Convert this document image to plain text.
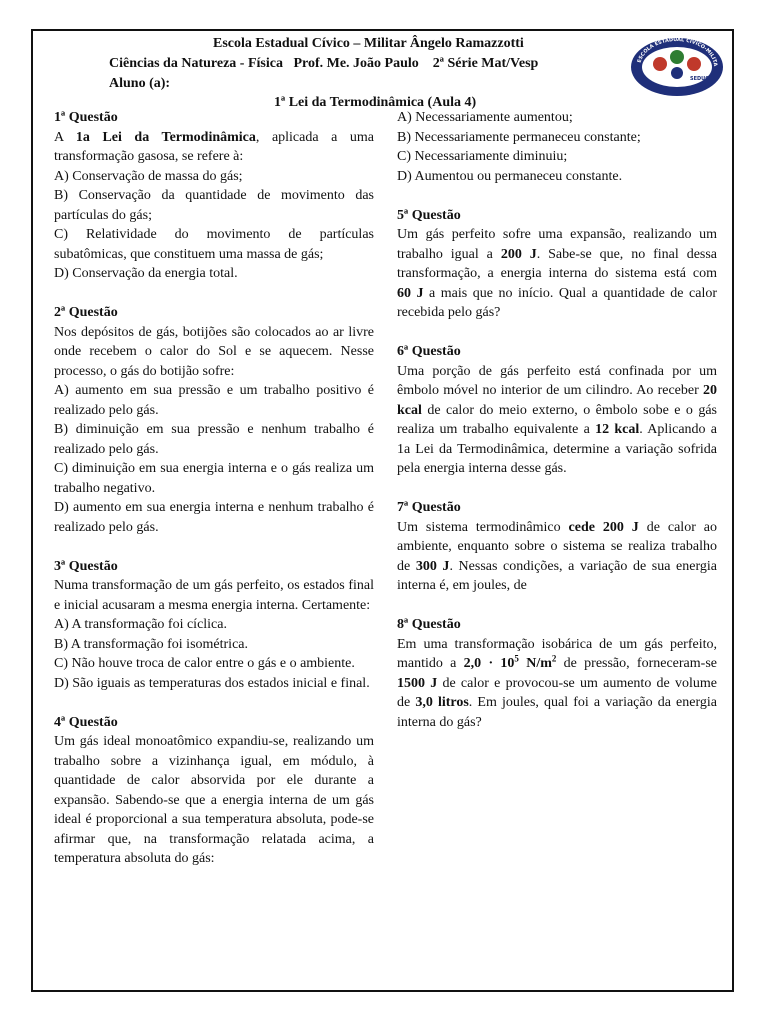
Escola Estadual Cívico – Militar Ângelo Ramazzotti
Ciências da Natureza - Física   Prof. Me. João Paulo    2ª Série Mat/Vesp
Aluno (a):
1ª Lei da Termodinâmica (Aula 4)
ESCOLA ESTADUAL CÍVICO-MILITA
SEDUC

1ª Questão

A 1a Lei da Termodinâmica, aplicada a uma transformação gasosa, se refere à:

A) Conservação de massa do gás;

B) Conservação da quantidade de movimento das partículas do gás;

C) Relatividade do movimento de partículas subatômicas, que constituem uma massa de gás;

D) Conservação da energia total.

2ª Questão

Nos depósitos de gás, botijões são colocados ao ar livre onde recebem o calor do Sol e se aquecem. Nesse processo, o gás do botijão sofre:

A) aumento em sua pressão e um trabalho positivo é realizado pelo gás.

B) diminuição em sua pressão e nenhum trabalho é realizado pelo gás.

C) diminuição em sua energia interna e o gás realiza um trabalho negativo.

D) aumento em sua energia interna e nenhum trabalho é realizado pelo gás.

3ª Questão

Numa transformação de um gás perfeito, os estados final e inicial acusaram a mesma energia interna. Certamente:

A) A transformação foi cíclica.

B) A transformação foi isométrica.

C) Não houve troca de calor entre o gás e o ambiente.

D) São iguais as temperaturas dos estados inicial e final.

4ª Questão

Um gás ideal monoatômico expandiu-se, realizando um trabalho sobre a vizinhança igual, em módulo, à quantidade de calor absorvida por ele durante a expansão. Sabendo-se que a energia interna de um gás ideal é proporcional a sua temperatura absoluta, pode-se afirmar que, na transformação relatada acima, a temperatura absoluta do gás:

A) Necessariamente aumentou;

B) Necessariamente permaneceu constante;

C) Necessariamente diminuiu;

D) Aumentou ou permaneceu constante.

5ª Questão

Um gás perfeito sofre uma expansão, realizando um trabalho igual a 200 J. Sabe-se que, no final dessa transformação, a energia interna do sistema está com   60 J a mais que no início. Qual a quantidade de calor recebida pelo gás?

6ª Questão

Uma porção de gás perfeito está confinada por um êmbolo móvel no interior de um cilindro. Ao receber 20 kcal de calor do meio externo, o êmbolo sobe e o gás realiza um trabalho equivalente a 12 kcal. Aplicando a 1a Lei da Termodinâmica, determine a variação sofrida pela energia interna desse gás.

7ª Questão

Um sistema termodinâmico cede 200 J de calor ao ambiente, enquanto sobre o sistema se realiza trabalho de 300 J. Nessas condições, a variação de sua energia interna é, em joules, de

8ª Questão

Em uma transformação isobárica de um gás perfeito, mantido a $2,0 \cdot 10^5$ $N/m^2$ de pressão, forneceram-se 1500 J de calor e provocou-se um aumento de volume de 3,0 litros. Em joules, qual foi a variação da energia interna do gás?
